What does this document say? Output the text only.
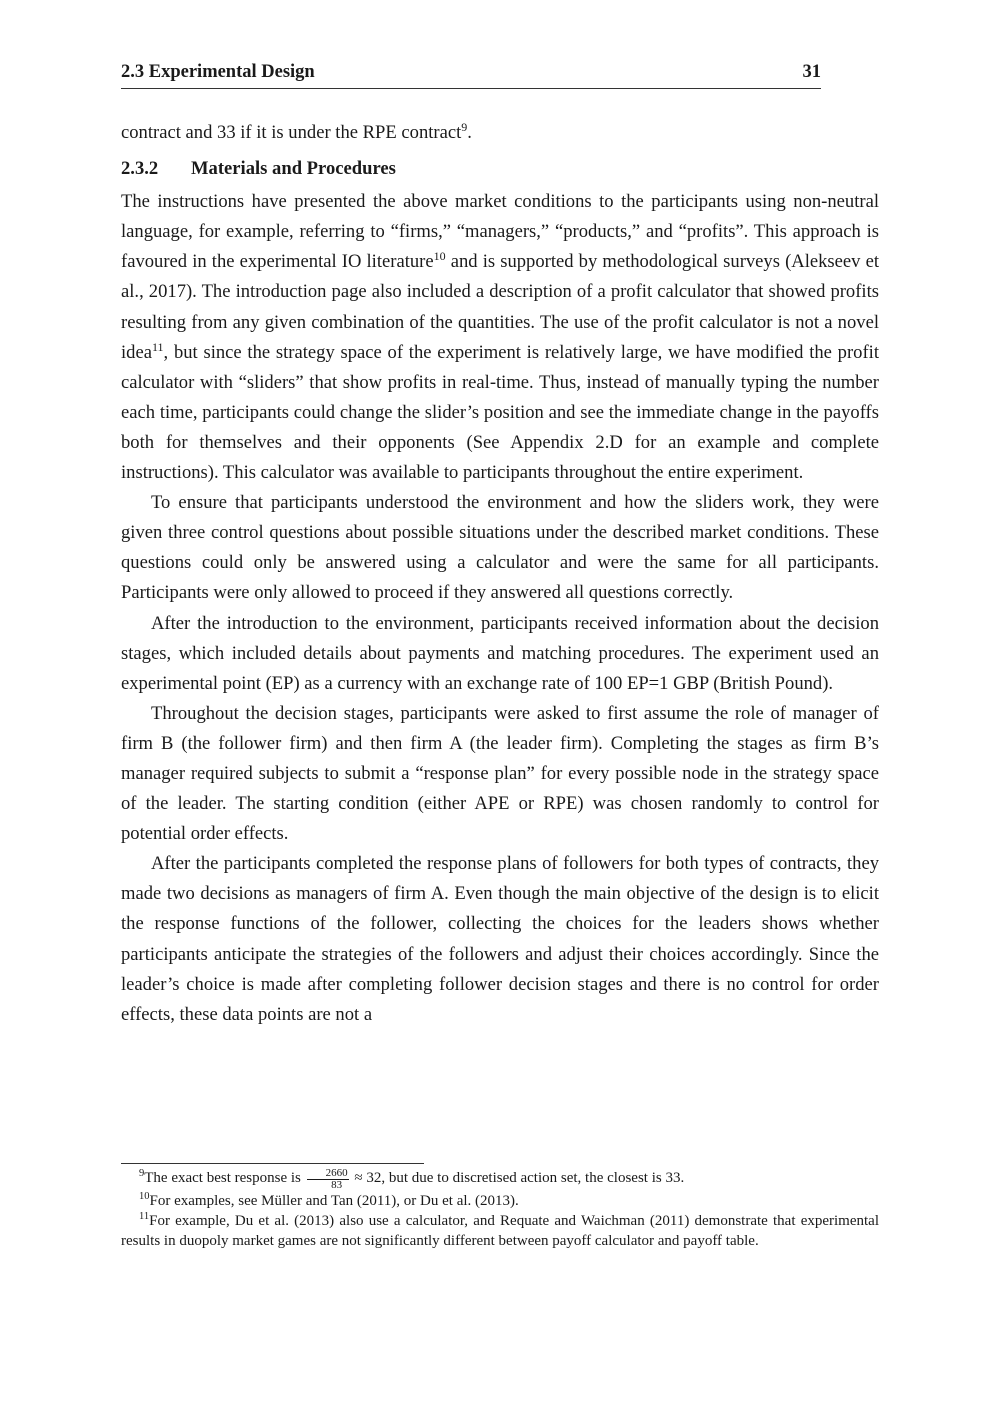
2.3 Experimental Design	31

contract and 33 if it is under the RPE contract$^9$.

2.3.2 Materials and Procedures

The instructions have presented the above market conditions to the participants using non-neutral language, for example, referring to “firms,” “managers,” “products,” and “profits”. This approach is favoured in the experimental IO literature$^{10}$ and is supported by methodological surveys (Alekseev et al., 2017). The introduction page also included a description of a profit calculator that showed profits resulting from any given combination of the quantities. The use of the profit calculator is not a novel idea$^{11}$, but since the strategy space of the experiment is relatively large, we have modified the profit calculator with “sliders” that show profits in real-time. Thus, instead of manually typing the number each time, participants could change the slider’s position and see the immediate change in the payoffs both for themselves and their opponents (See Appendix 2.D for an example and complete instructions). This calculator was available to participants throughout the entire experiment.

To ensure that participants understood the environment and how the sliders work, they were given three control questions about possible situations under the described market conditions. These questions could only be answered using a calculator and were the same for all participants. Participants were only allowed to proceed if they answered all questions correctly.

After the introduction to the environment, participants received information about the decision stages, which included details about payments and matching procedures. The experiment used an experimental point (EP) as a currency with an exchange rate of 100 EP=1 GBP (British Pound).

Throughout the decision stages, participants were asked to first assume the role of manager of firm B (the follower firm) and then firm A (the leader firm). Completing the stages as firm B’s manager required subjects to submit a “response plan” for every possible node in the strategy space of the leader. The starting condition (either APE or RPE) was chosen randomly to control for potential order effects.

After the participants completed the response plans of followers for both types of contracts, they made two decisions as managers of firm A. Even though the main objective of the design is to elicit the response functions of the follower, collecting the choices for the leaders shows whether participants anticipate the strategies of the followers and adjust their choices accordingly. Since the leader’s choice is made after completing follower decision stages and there is no control for order effects, these data points are not a

$^9$The exact best response is $\frac{2660}{83} \approx 32$, but due to discretised action set, the closest is 33.

$^{10}$For examples, see Müller and Tan (2011), or Du et al. (2013).

$^{11}$For example, Du et al. (2013) also use a calculator, and Requate and Waichman (2011) demonstrate that experimental results in duopoly market games are not significantly different between payoff calculator and payoff table.
